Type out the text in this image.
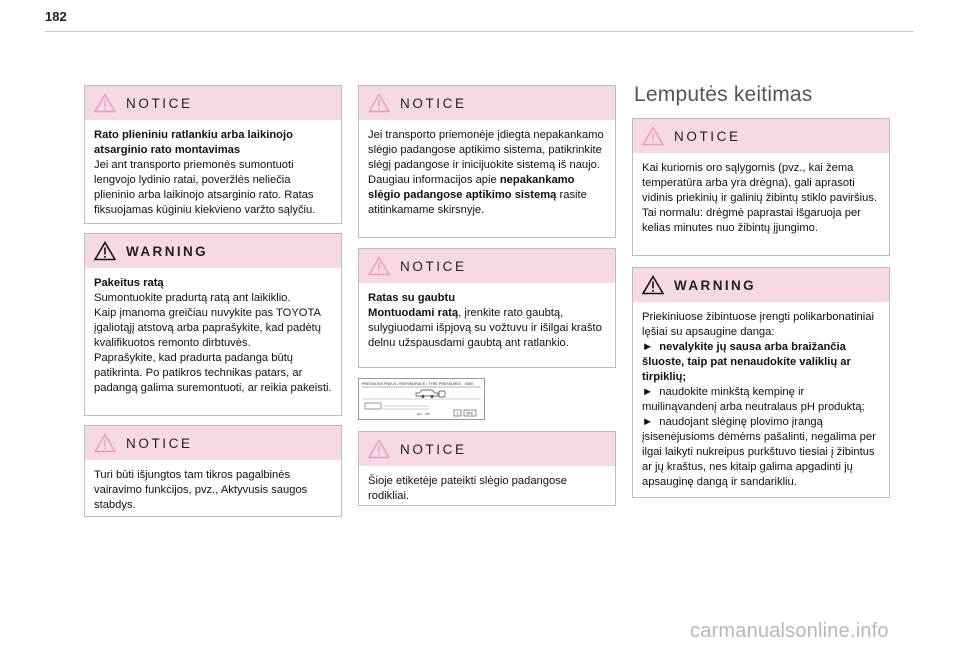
182
NOTICE

Rato plieniniu ratlankiu arba laikinojo atsarginio rato montavimas

Jei ant transporto priemonės sumontuoti lengvojo lydinio ratai, poveržlės neliečia plieninio arba laikinojo atsarginio rato. Ratas fiksuojamas kūginiu kiekvieno varžto sąlyčiu.

WARNING

Pakeitus ratą

Sumontuokite pradurtą ratą ant laikiklio.

Kaip įmanoma greičiau nuvykite pas TOYOTA įgaliotąjį atstovą arba paprašykite, kad padėtų kvalifikuotos remonto dirbtuvės.

Paprašykite, kad pradurta padanga būtų patikrinta. Po patikros technikas patars, ar padangą galima suremontuoti, ar reikia pakeisti.

NOTICE

Turi būti išjungtos tam tikros pagalbinės vairavimo funkcijos, pvz., Aktyvusis saugos stabdys.

NOTICE

Jei transporto priemonėje įdiegta nepakankamo slėgio padangose aptikimo sistema, patikrinkite slėgį padangose ir inicijuokite sistemą iš naujo.

Daugiau informacijos apie nepakankamo slėgio padangose aptikimo sistemą rasite atitinkamame skirsnyje.

NOTICE

Ratas su gaubtu

Montuodami ratą, įrenkite rato gaubtą, sulygiuodami išpjovą su vožtuvu ir išilgai krašto delnu užspausdami gaubtą ant ratlankio.

PRESSIONS PNEUS / REIFENDRUCK / TYRE PRESSURES SSEE
kpa PSI	2 2RS
NOTICE

Šioje etiketėje pateikti slėgio padangose rodikliai.

Lemputės keitimas
NOTICE

Kai kuriomis oro sąlygomis (pvz., kai žema temperatūra arba yra drėgna), gali aprasoti vidinis priekinių ir galinių žibintų stiklo paviršius. Tai normalu: drėgmė paprastai išgaruoja per kelias minutes nuo žibintų įjungimo.

WARNING

Priekiniuose žibintuose įrengti polikarbonatiniai lęšiai su apsaugine danga:

► nevalykite jų sausa arba braižančia šluoste, taip pat nenaudokite valiklių ar tirpiklių;

► naudokite minkštą kempinę ir muilinąvandenį arba neutralaus pH produktą;

► naudojant slėginę plovimo įrangą įsisenėjusioms dėmėms pašalinti, negalima per ilgai laikyti nukreipus purkštuvo tiesiai į žibintus ar jų kraštus, nes kitaip galima apgadinti jų apsauginę dangą ir sandarikliu.

carmanualsonline.info
